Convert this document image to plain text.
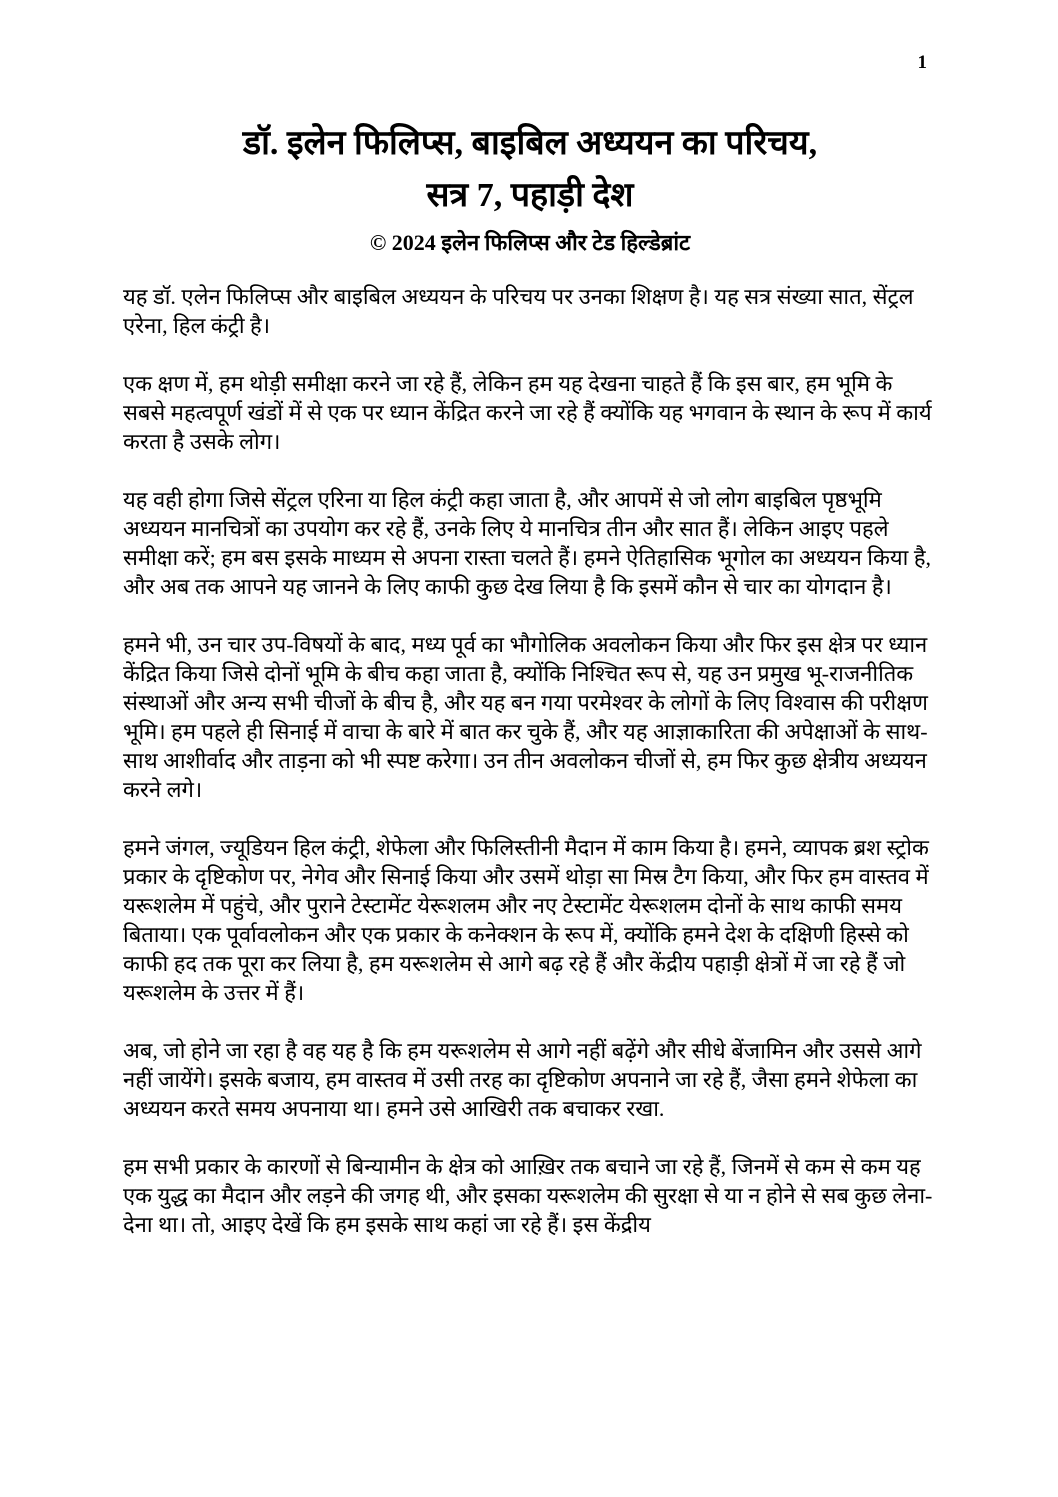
1
डॉ. इलेन फिलिप्स, बाइबिल अध्ययन का परिचय,
सत्र 7, पहाड़ी देश
© 2024 इलेन फिलिप्स और टेड हिल्डेब्रांट

यह डॉ. एलेन फिलिप्स और बाइबिल अध्ययन के परिचय पर उनका शिक्षण है। यह सत्र संख्या सात, सेंट्रल एरेना, हिल कंट्री है।

एक क्षण में, हम थोड़ी समीक्षा करने जा रहे हैं, लेकिन हम यह देखना चाहते हैं कि इस बार, हम भूमि के सबसे महत्वपूर्ण खंडों में से एक पर ध्यान केंद्रित करने जा रहे हैं क्योंकि यह भगवान के स्थान के रूप में कार्य करता है उसके लोग।

यह वही होगा जिसे सेंट्रल एरिना या हिल कंट्री कहा जाता है, और आपमें से जो लोग बाइबिल पृष्ठभूमि अध्ययन मानचित्रों का उपयोग कर रहे हैं, उनके लिए ये मानचित्र तीन और सात हैं। लेकिन आइए पहले समीक्षा करें; हम बस इसके माध्यम से अपना रास्ता चलते हैं। हमने ऐतिहासिक भूगोल का अध्ययन किया है, और अब तक आपने यह जानने के लिए काफी कुछ देख लिया है कि इसमें कौन से चार का योगदान है।

हमने भी, उन चार उप-विषयों के बाद, मध्य पूर्व का भौगोलिक अवलोकन किया और फिर इस क्षेत्र पर ध्यान केंद्रित किया जिसे दोनों भूमि के बीच कहा जाता है, क्योंकि निश्चित रूप से, यह उन प्रमुख भू-राजनीतिक संस्थाओं और अन्य सभी चीजों के बीच है, और यह बन गया परमेश्वर के लोगों के लिए विश्वास की परीक्षण भूमि। हम पहले ही सिनाई में वाचा के बारे में बात कर चुके हैं, और यह आज्ञाकारिता की अपेक्षाओं के साथ-साथ आशीर्वाद और ताड़ना को भी स्पष्ट करेगा। उन तीन अवलोकन चीजों से, हम फिर कुछ क्षेत्रीय अध्ययन करने लगे।

हमने जंगल, ज्यूडियन हिल कंट्री, शेफेला और फिलिस्तीनी मैदान में काम किया है। हमने, व्यापक ब्रश स्ट्रोक प्रकार के दृष्टिकोण पर, नेगेव और सिनाई किया और उसमें थोड़ा सा मिस्र टैग किया, और फिर हम वास्तव में यरूशलेम में पहुंचे, और पुराने टेस्टामेंट येरूशलम और नए टेस्टामेंट येरूशलम दोनों के साथ काफी समय बिताया। एक पूर्वावलोकन और एक प्रकार के कनेक्शन के रूप में, क्योंकि हमने देश के दक्षिणी हिस्से को काफी हद तक पूरा कर लिया है, हम यरूशलेम से आगे बढ़ रहे हैं और केंद्रीय पहाड़ी क्षेत्रों में जा रहे हैं जो यरूशलेम के उत्तर में हैं।

अब, जो होने जा रहा है वह यह है कि हम यरूशलेम से आगे नहीं बढ़ेंगे और सीधे बेंजामिन और उससे आगे नहीं जायेंगे। इसके बजाय, हम वास्तव में उसी तरह का दृष्टिकोण अपनाने जा रहे हैं, जैसा हमने शेफेला का अध्ययन करते समय अपनाया था। हमने उसे आखिरी तक बचाकर रखा.

हम सभी प्रकार के कारणों से बिन्यामीन के क्षेत्र को आख़िर तक बचाने जा रहे हैं, जिनमें से कम से कम यह एक युद्ध का मैदान और लड़ने की जगह थी, और इसका यरूशलेम की सुरक्षा से या न होने से सब कुछ लेना-देना था। तो, आइए देखें कि हम इसके साथ कहां जा रहे हैं। इस केंद्रीय
